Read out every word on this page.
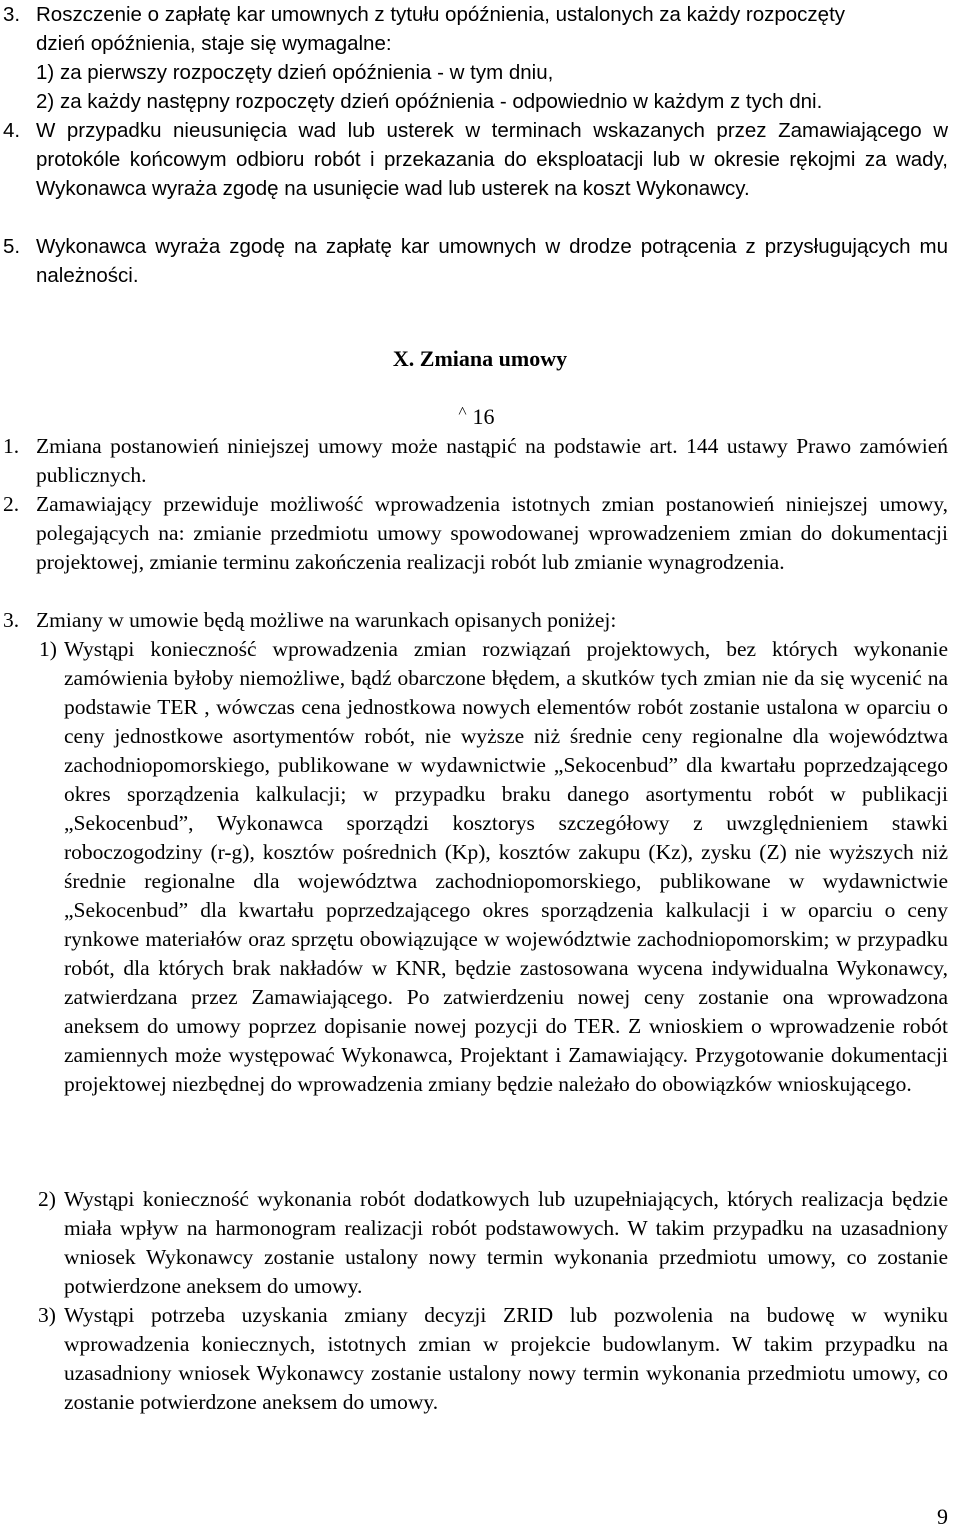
3. Roszczenie o zapłatę kar umownych z tytułu opóźnienia, ustalonych za każdy rozpoczęty
dzień opóźnienia, staje się wymagalne:
1) za pierwszy rozpoczęty dzień opóźnienia - w tym dniu,
2) za każdy następny rozpoczęty dzień opóźnienia - odpowiednio w każdym z tych dni.
4. W przypadku nieusunięcia wad lub usterek w terminach wskazanych przez Zamawiającego w protokóle końcowym odbioru robót i przekazania do eksploatacji lub w okresie rękojmi za wady, Wykonawca wyraża zgodę na usunięcie wad lub usterek na koszt Wykonawcy.
5. Wykonawca wyraża zgodę na zapłatę kar umownych w drodze potrącenia z przysługujących mu należności.
X. Zmiana umowy
˄ 16
1. Zmiana postanowień niniejszej umowy może nastąpić na podstawie art. 144 ustawy Prawo zamówień publicznych.
2. Zamawiający przewiduje możliwość wprowadzenia istotnych zmian postanowień niniejszej umowy, polegających na: zmianie przedmiotu umowy spowodowanej wprowadzeniem zmian do dokumentacji projektowej, zmianie terminu zakończenia realizacji robót lub zmianie wynagrodzenia.
3. Zmiany w umowie będą możliwe na warunkach opisanych poniżej:
1) Wystąpi konieczność wprowadzenia zmian rozwiązań projektowych, bez których wykonanie zamówienia byłoby niemożliwe, bądź obarczone błędem, a skutków tych zmian nie da się wycenić na podstawie TER , wówczas cena jednostkowa nowych elementów robót zostanie ustalona w oparciu o ceny jednostkowe asortymentów robót, nie wyższe niż średnie ceny regionalne dla województwa zachodniopomorskiego, publikowane w wydawnictwie „Sekocenbud” dla kwartału poprzedzającego okres sporządzenia kalkulacji; w przypadku braku danego asortymentu robót w publikacji „Sekocenbud”, Wykonawca sporządzi kosztorys szczegółowy z uwzględnieniem stawki roboczogodziny (r-g), kosztów pośrednich (Kp), kosztów zakupu (Kz), zysku (Z) nie wyższych niż średnie regionalne dla województwa zachodniopomorskiego, publikowane w wydawnictwie „Sekocenbud” dla kwartału poprzedzającego okres sporządzenia kalkulacji i w oparciu o ceny rynkowe materiałów oraz sprzętu obowiązujące w województwie zachodniopomorskim; w przypadku robót, dla których brak nakładów w KNR, będzie zastosowana wycena indywidualna Wykonawcy, zatwierdzana przez Zamawiającego. Po zatwierdzeniu nowej ceny zostanie ona wprowadzona aneksem do umowy poprzez dopisanie nowej pozycji do TER. Z wnioskiem o wprowadzenie robót zamiennych może występować Wykonawca, Projektant i Zamawiający. Przygotowanie dokumentacji projektowej niezbędnej do wprowadzenia zmiany będzie należało do obowiązków wnioskującego.
2) Wystąpi konieczność wykonania robót dodatkowych lub uzupełniających, których realizacja będzie miała wpływ na harmonogram realizacji robót podstawowych. W takim przypadku na uzasadniony wniosek Wykonawcy zostanie ustalony nowy termin wykonania przedmiotu umowy, co zostanie potwierdzone aneksem do umowy.
3) Wystąpi potrzeba uzyskania zmiany decyzji ZRID lub pozwolenia na budowę w wyniku wprowadzenia koniecznych, istotnych zmian w projekcie budowlanym. W takim przypadku na uzasadniony wniosek Wykonawcy zostanie ustalony nowy termin wykonania przedmiotu umowy, co zostanie potwierdzone aneksem do umowy.
9
